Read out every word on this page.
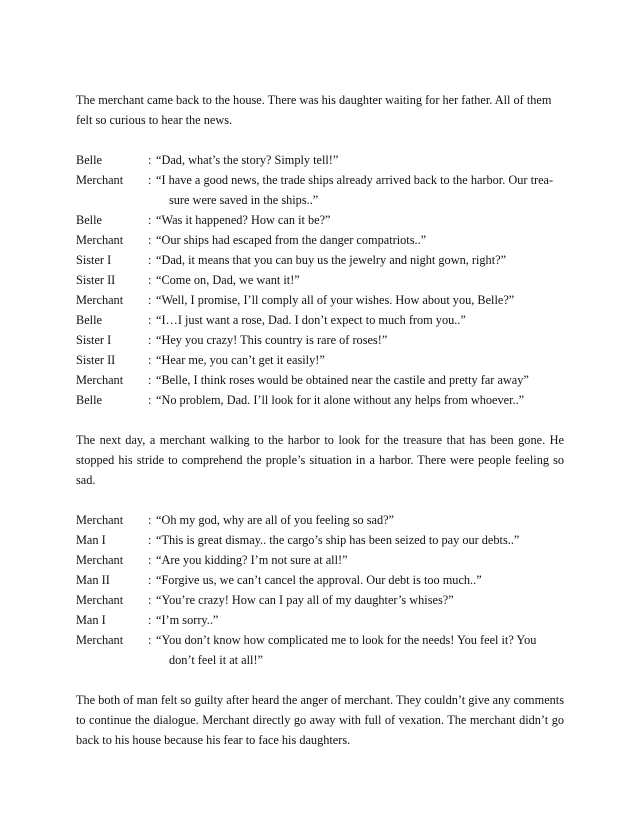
The merchant came back to the house. There was his daughter waiting for her father. All of them felt so curious to hear the news.

Belle	: “Dad, what’s the story? Simply tell!”
Merchant	: “I have a good news, the trade ships already arrived back to the harbor. Our trea-
sure were saved in the ships..”
Belle	: “Was it happened? How can it be?”
Merchant	: “Our ships had escaped from the danger compatriots..”
Sister I	: “Dad, it means that you can buy us the jewelry and night gown, right?”
Sister II	: “Come on, Dad, we want it!”
Merchant	: “Well, I promise, I’ll comply all of your wishes. How about you, Belle?”
Belle	: “I…I just want a rose, Dad. I don’t expect to much from you..”
Sister I	: “Hey you crazy! This country is rare of roses!”
Sister II	: “Hear me, you can’t get it easily!”
Merchant	: “Belle, I think roses would be obtained near the castile and pretty far away”
Belle	: “No problem, Dad. I’ll look for it alone without any helps from whoever..”

The next day, a merchant walking to the harbor to look for the treasure that has been gone. He stopped his stride to comprehend the prople’s situation in a harbor. There were people feeling so sad.

Merchant	: “Oh my god, why are all of you feeling so sad?”
Man I	: “This is great dismay.. the cargo’s ship has been seized to pay our debts..”
Merchant	: “Are you kidding? I’m not sure at all!”
Man II	: “Forgive us, we can’t cancel the approval. Our debt is too much..”
Merchant	: “You’re crazy! How can I pay all of my daughter’s whises?”
Man I	: “I’m sorry..”
Merchant	: “You don’t know how complicated me to look for the needs! You feel it? You
don’t feel it at all!”

The both of man felt so guilty after heard the anger of merchant. They couldn’t give any comments to continue the dialogue. Merchant directly go away with full of vexation. The merchant didn’t go back to his house because his fear to face his daughters.
